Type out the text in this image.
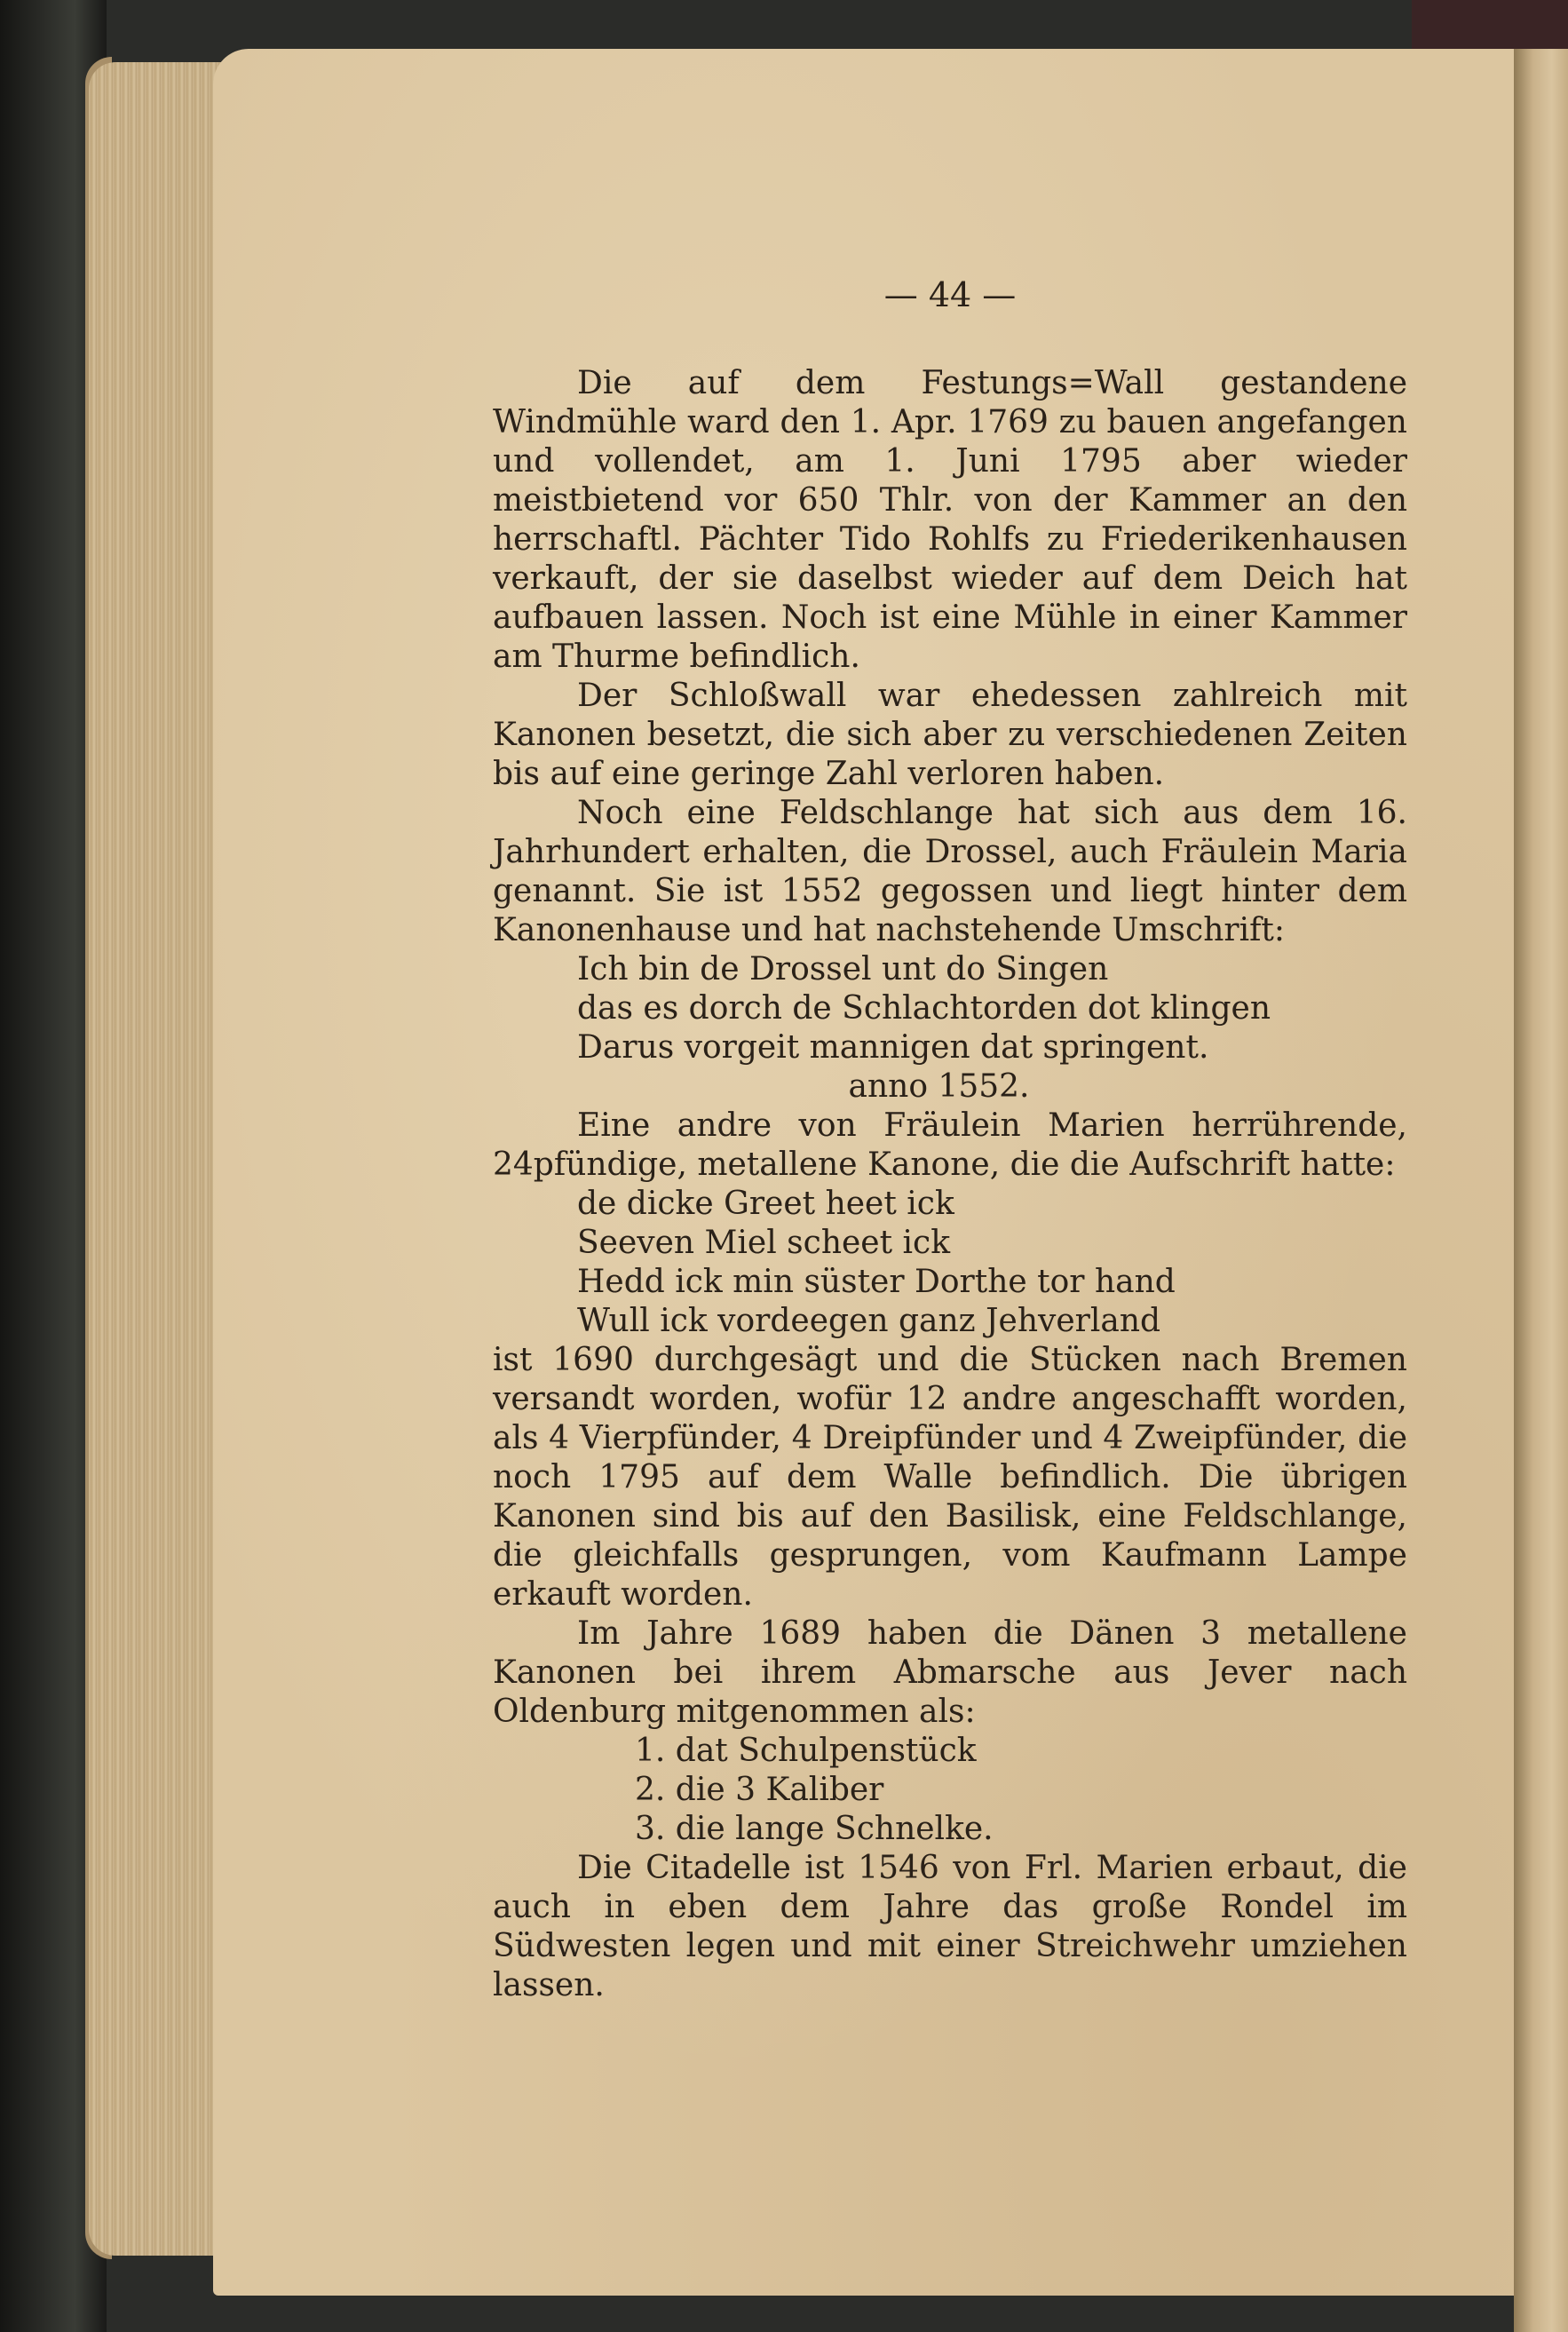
— 44 —

Die auf dem Festungs=Wall gestandene Windmühle ward den 1. Apr. 1769 zu bauen angefangen und vollendet, am 1. Juni 1795 aber wieder meistbietend vor 650 Thlr. von der Kammer an den herrschaftl. Pächter Tido Rohlfs zu Friederikenhausen verkauft, der sie daselbst wieder auf dem Deich hat aufbauen lassen. Noch ist eine Mühle in einer Kammer am Thurme befindlich.

Der Schloßwall war ehedessen zahlreich mit Kanonen besetzt, die sich aber zu verschiedenen Zeiten bis auf eine geringe Zahl verloren haben.

Noch eine Feldschlange hat sich aus dem 16. Jahrhundert erhalten, die Drossel, auch Fräulein Maria genannt. Sie ist 1552 gegossen und liegt hinter dem Kanonenhause und hat nachstehende Umschrift:

Ich bin de Drossel unt do Singen
das es dorch de Schlachtorden dot klingen
Darus vorgeit mannigen dat springent.
anno 1552.

Eine andre von Fräulein Marien herrührende, 24pfündige, metallene Kanone, die die Aufschrift hatte:

de dicke Greet heet ick
Seeven Miel scheet ick
Hedd ick min süster Dorthe tor hand
Wull ick vordeegen ganz Jehverland

ist 1690 durchgesägt und die Stücken nach Bremen versandt worden, wofür 12 andre angeschafft worden, als 4 Vierpfünder, 4 Dreipfünder und 4 Zweipfünder, die noch 1795 auf dem Walle befindlich. Die übrigen Kanonen sind bis auf den Basilisk, eine Feldschlange, die gleichfalls gesprungen, vom Kaufmann Lampe erkauft worden.

Im Jahre 1689 haben die Dänen 3 metallene Kanonen bei ihrem Abmarsche aus Jever nach Oldenburg mitgenommen als:

1. dat Schulpenstück
2. die 3 Kaliber
3. die lange Schnelke.

Die Citadelle ist 1546 von Frl. Marien erbaut, die auch in eben dem Jahre das große Rondel im Südwesten legen und mit einer Streichwehr umziehen lassen.
